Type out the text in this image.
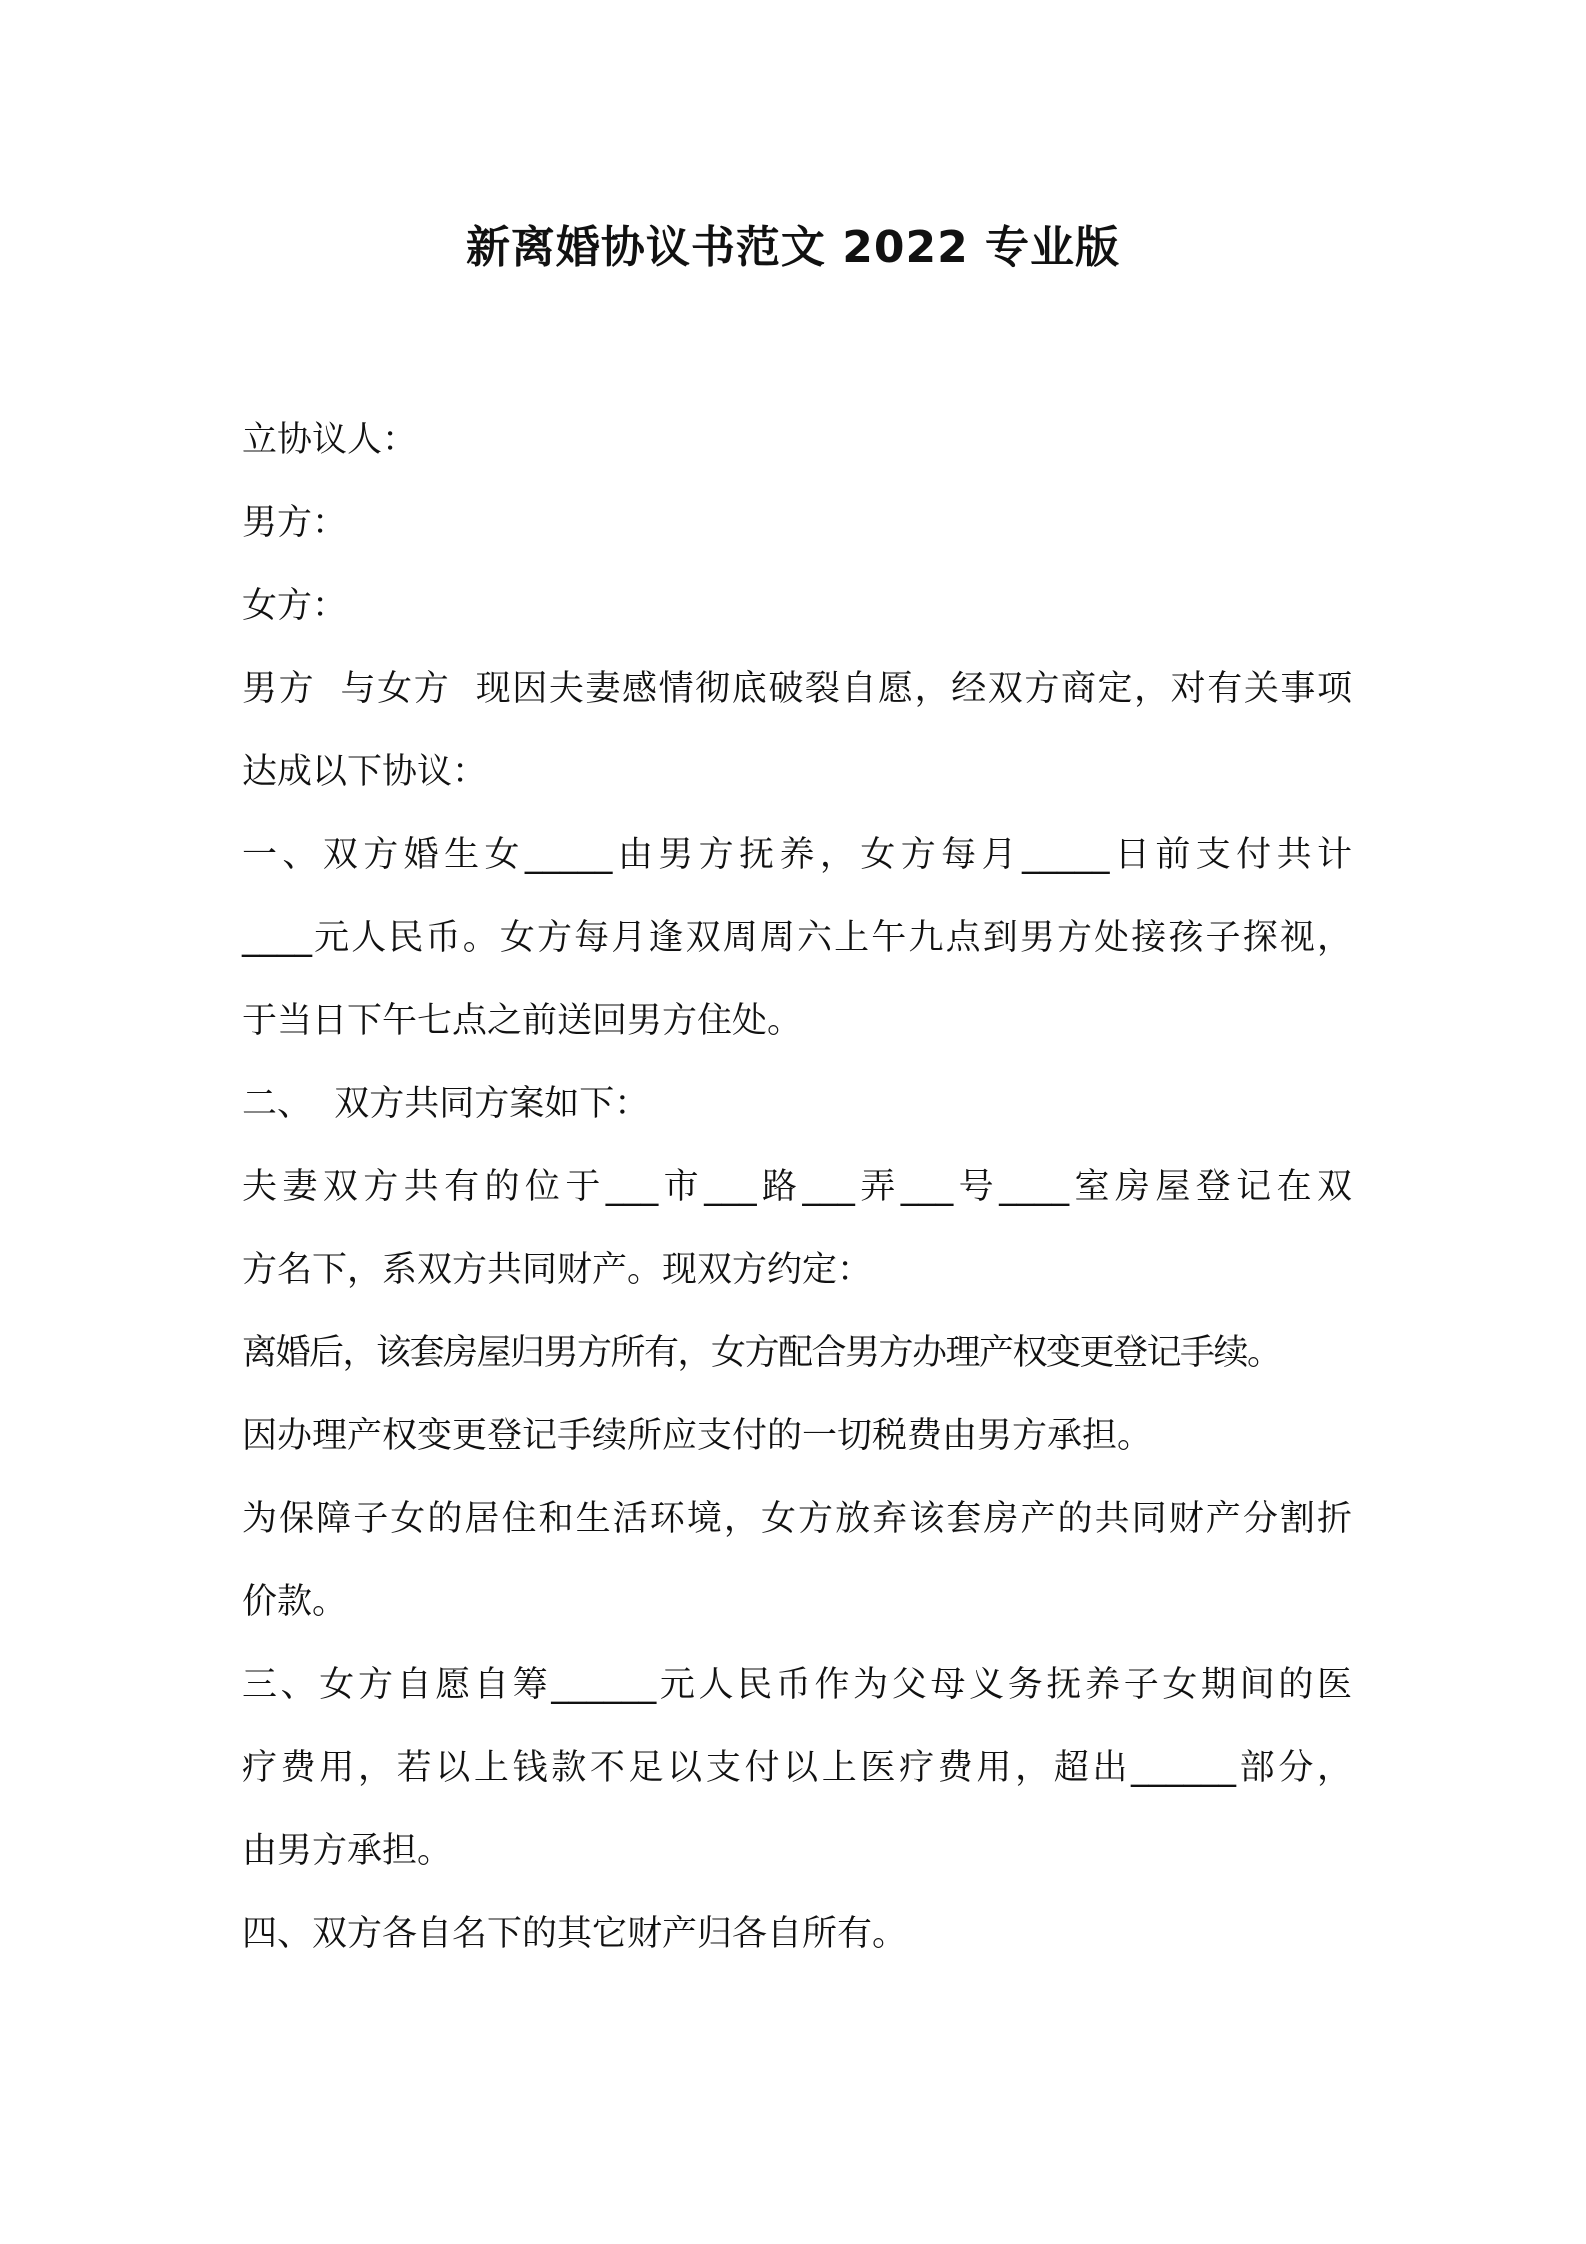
新离婚协议书范文 2022 专业版
立协议人：
男方：
女方：
男方  与女方  现因夫妻感情彻底破裂自愿，经双方商定，对有关事项
达成以下协议：
一、双方婚生女_____由男方抚养，女方每月_____日前支付共计
____元人民币。女方每月逢双周周六上午九点到男方处接孩子探视，
于当日下午七点之前送回男方住处。
二、  双方共同方案如下：
夫妻双方共有的位于___市___路___弄___号____室房屋登记在双
方名下，系双方共同财产。现双方约定：
离婚后，该套房屋归男方所有，女方配合男方办理产权变更登记手续。
因办理产权变更登记手续所应支付的一切税费由男方承担。
为保障子女的居住和生活环境，女方放弃该套房产的共同财产分割折
价款。
三、女方自愿自筹______元人民币作为父母义务抚养子女期间的医
疗费用，若以上钱款不足以支付以上医疗费用，超出______部分，
由男方承担。
四、双方各自名下的其它财产归各自所有。
